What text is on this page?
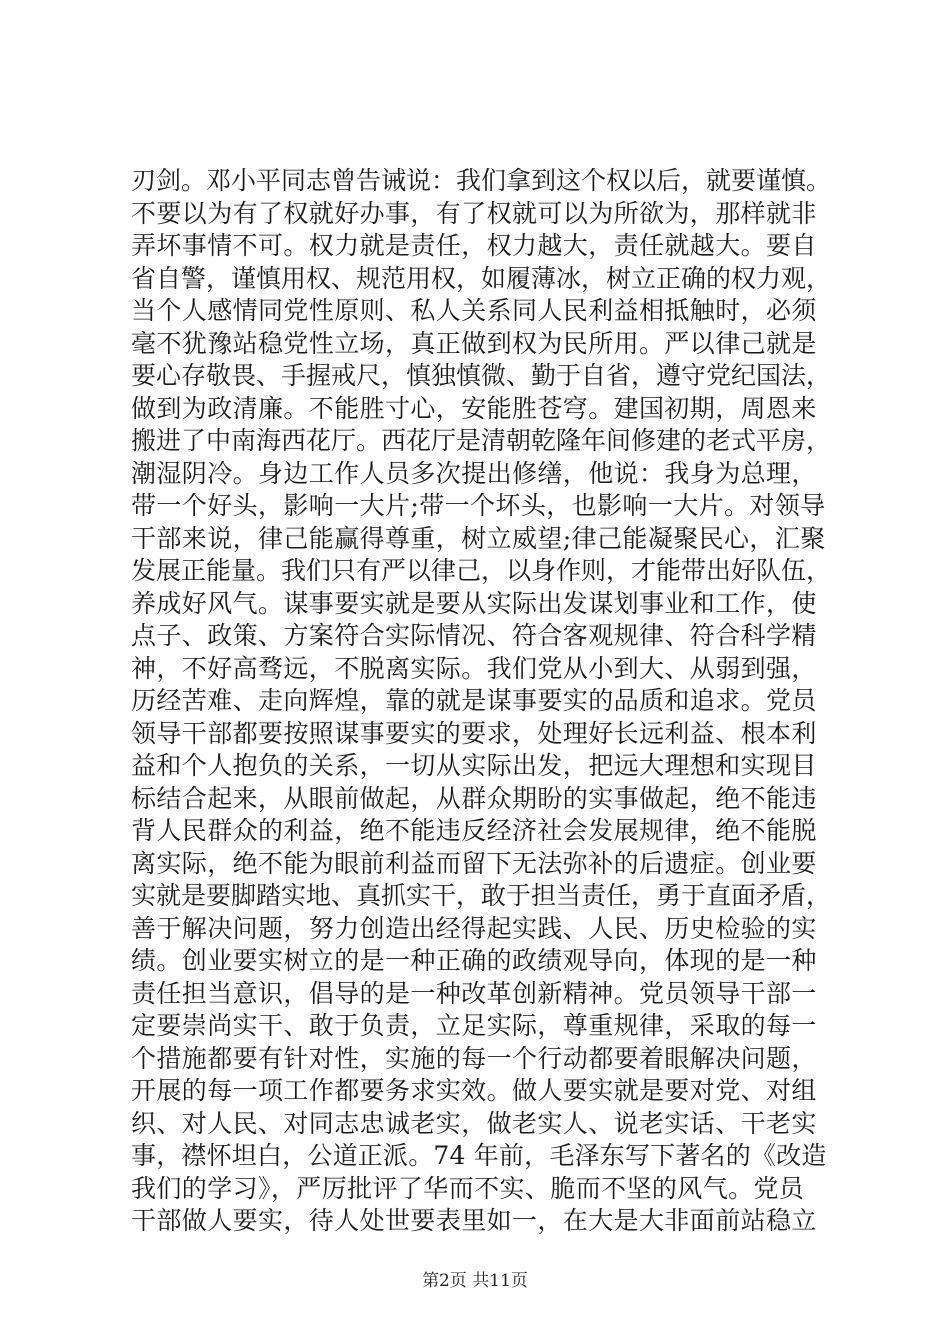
刃剑。邓小平同志曾告诫说：我们拿到这个权以后，就要谨慎。
不要以为有了权就好办事，有了权就可以为所欲为，那样就非
弄坏事情不可。权力就是责任，权力越大，责任就越大。要自
省自警，谨慎用权、规范用权，如履薄冰，树立正确的权力观，
当个人感情同党性原则、私人关系同人民利益相抵触时，必须
毫不犹豫站稳党性立场，真正做到权为民所用。严以律己就是
要心存敬畏、手握戒尺，慎独慎微、勤于自省，遵守党纪国法，
做到为政清廉。不能胜寸心，安能胜苍穹。建国初期，周恩来
搬进了中南海西花厅。西花厅是清朝乾隆年间修建的老式平房，
潮湿阴冷。身边工作人员多次提出修缮，他说：我身为总理，
带一个好头，影响一大片;带一个坏头，也影响一大片。对领导
干部来说，律己能赢得尊重，树立威望;律己能凝聚民心，汇聚
发展正能量。我们只有严以律己，以身作则，才能带出好队伍，
养成好风气。谋事要实就是要从实际出发谋划事业和工作，使
点子、政策、方案符合实际情况、符合客观规律、符合科学精
神，不好高骛远，不脱离实际。我们党从小到大、从弱到强，
历经苦难、走向辉煌，靠的就是谋事要实的品质和追求。党员
领导干部都要按照谋事要实的要求，处理好长远利益、根本利
益和个人抱负的关系，一切从实际出发，把远大理想和实现目
标结合起来，从眼前做起，从群众期盼的实事做起，绝不能违
背人民群众的利益，绝不能违反经济社会发展规律，绝不能脱
离实际，绝不能为眼前利益而留下无法弥补的后遗症。创业要
实就是要脚踏实地、真抓实干，敢于担当责任，勇于直面矛盾，
善于解决问题，努力创造出经得起实践、人民、历史检验的实
绩。创业要实树立的是一种正确的政绩观导向，体现的是一种
责任担当意识，倡导的是一种改革创新精神。党员领导干部一
定要崇尚实干、敢于负责，立足实际，尊重规律，采取的每一
个措施都要有针对性，实施的每一个行动都要着眼解决问题，
开展的每一项工作都要务求实效。做人要实就是要对党、对组
织、对人民、对同志忠诚老实，做老实人、说老实话、干老实
事，襟怀坦白，公道正派。74 年前，毛泽东写下著名的《改造
我们的学习》，严厉批评了华而不实、脆而不坚的风气。党员
干部做人要实，待人处世要表里如一，在大是大非面前站稳立
第2页 共11页
